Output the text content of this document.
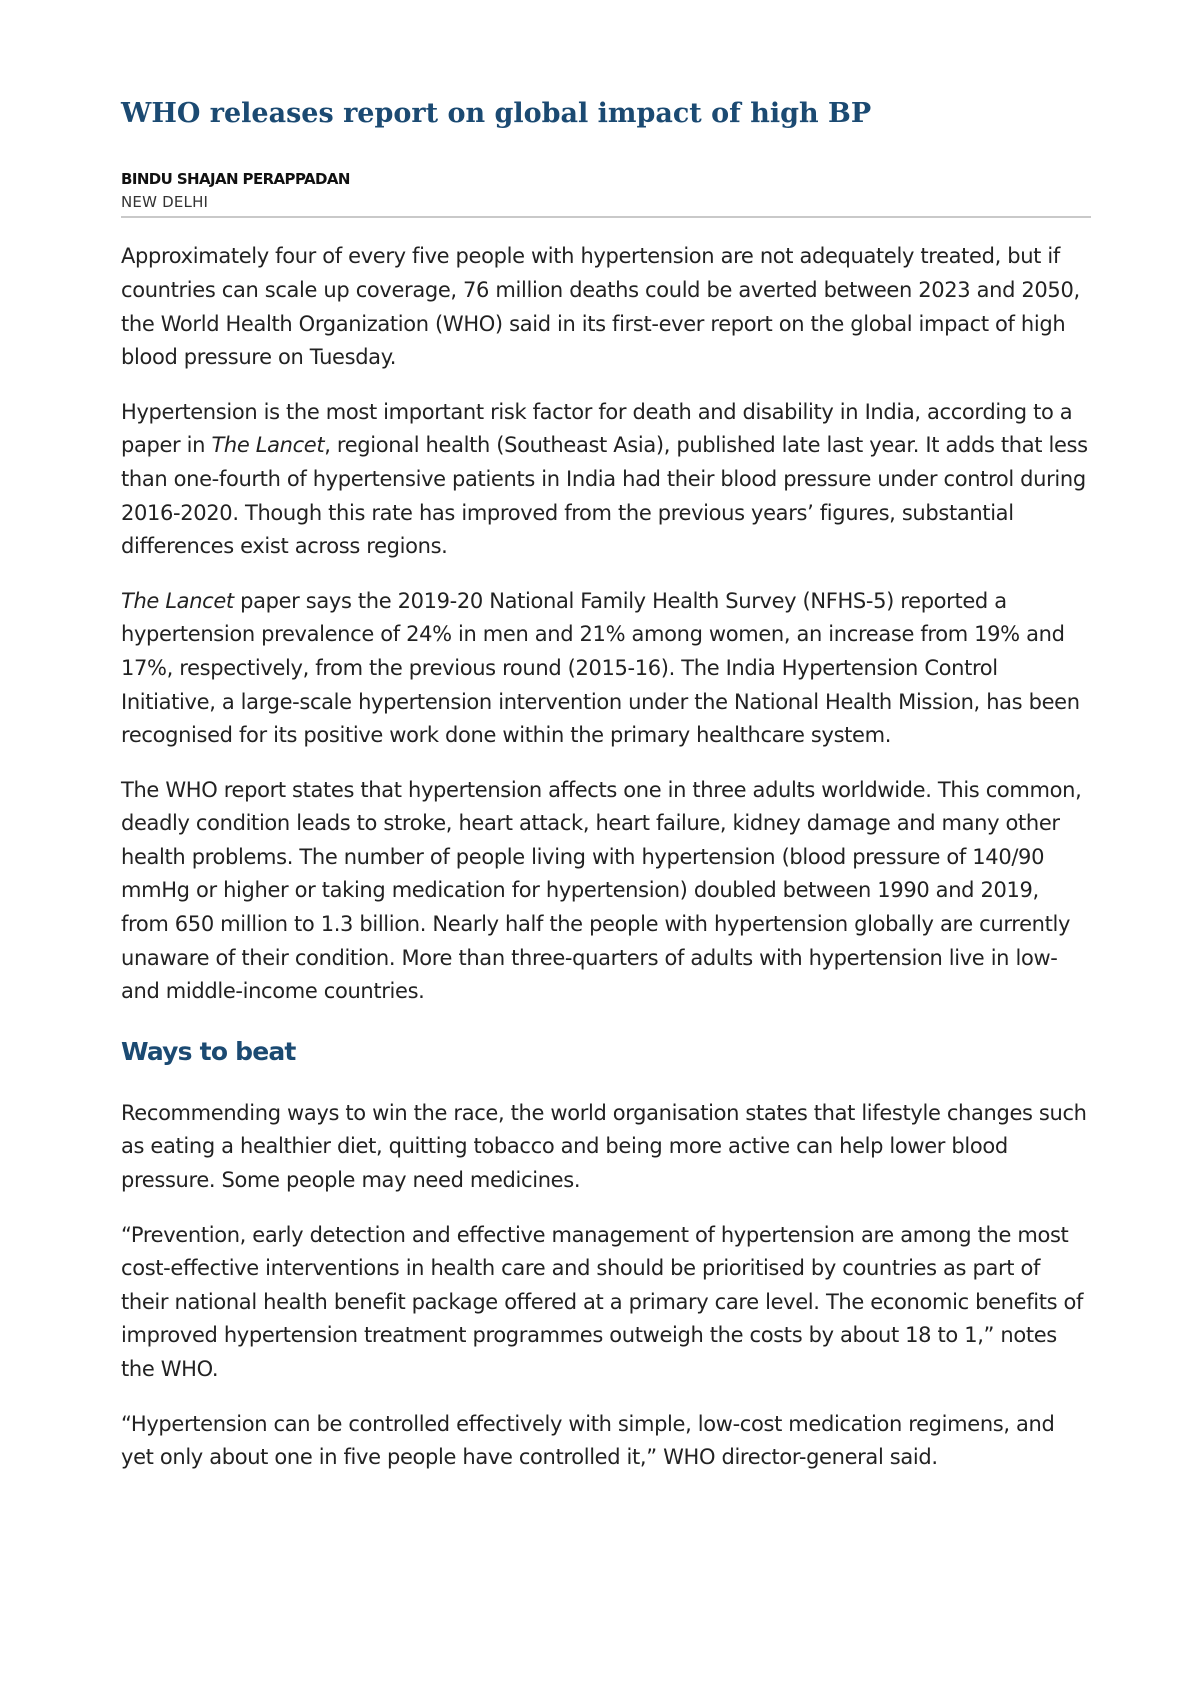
WHO releases report on global impact of high BP
BINDU SHAJAN PERAPPADAN
NEW DELHI

Approximately four of every five people with hypertension are not adequately treated, but if countries can scale up coverage, 76 million deaths could be averted between 2023 and 2050, the World Health Organization (WHO) said in its first-ever report on the global impact of high blood pressure on Tuesday.

Hypertension is the most important risk factor for death and disability in India, according to a paper in The Lancet, regional health (Southeast Asia), published late last year. It adds that less than one-fourth of hypertensive patients in India had their blood pressure under control during 2016-2020. Though this rate has improved from the previous years’ figures, substantial differences exist across regions.

The Lancet paper says the 2019-20 National Family Health Survey (NFHS-5) reported a hypertension prevalence of 24% in men and 21% among women, an increase from 19% and 17%, respectively, from the previous round (2015-16). The India Hypertension Control Initiative, a large-scale hypertension intervention under the National Health Mission, has been recognised for its positive work done within the primary healthcare system.

The WHO report states that hypertension affects one in three adults worldwide. This common, deadly condition leads to stroke, heart attack, heart failure, kidney damage and many other health problems. The number of people living with hypertension (blood pressure of 140/90 mmHg or higher or taking medication for hypertension) doubled between 1990 and 2019, from 650 million to 1.3 billion. Nearly half the people with hypertension globally are currently unaware of their condition. More than three-quarters of adults with hypertension live in low- and middle-income countries.

Ways to beat

Recommending ways to win the race, the world organisation states that lifestyle changes such as eating a healthier diet, quitting tobacco and being more active can help lower blood pressure. Some people may need medicines.

“Prevention, early detection and effective management of hypertension are among the most cost-effective interventions in health care and should be prioritised by countries as part of their national health benefit package offered at a primary care level. The economic benefits of improved hypertension treatment programmes outweigh the costs by about 18 to 1,” notes the WHO.

“Hypertension can be controlled effectively with simple, low-cost medication regimens, and yet only about one in five people have controlled it,” WHO director-general said.
